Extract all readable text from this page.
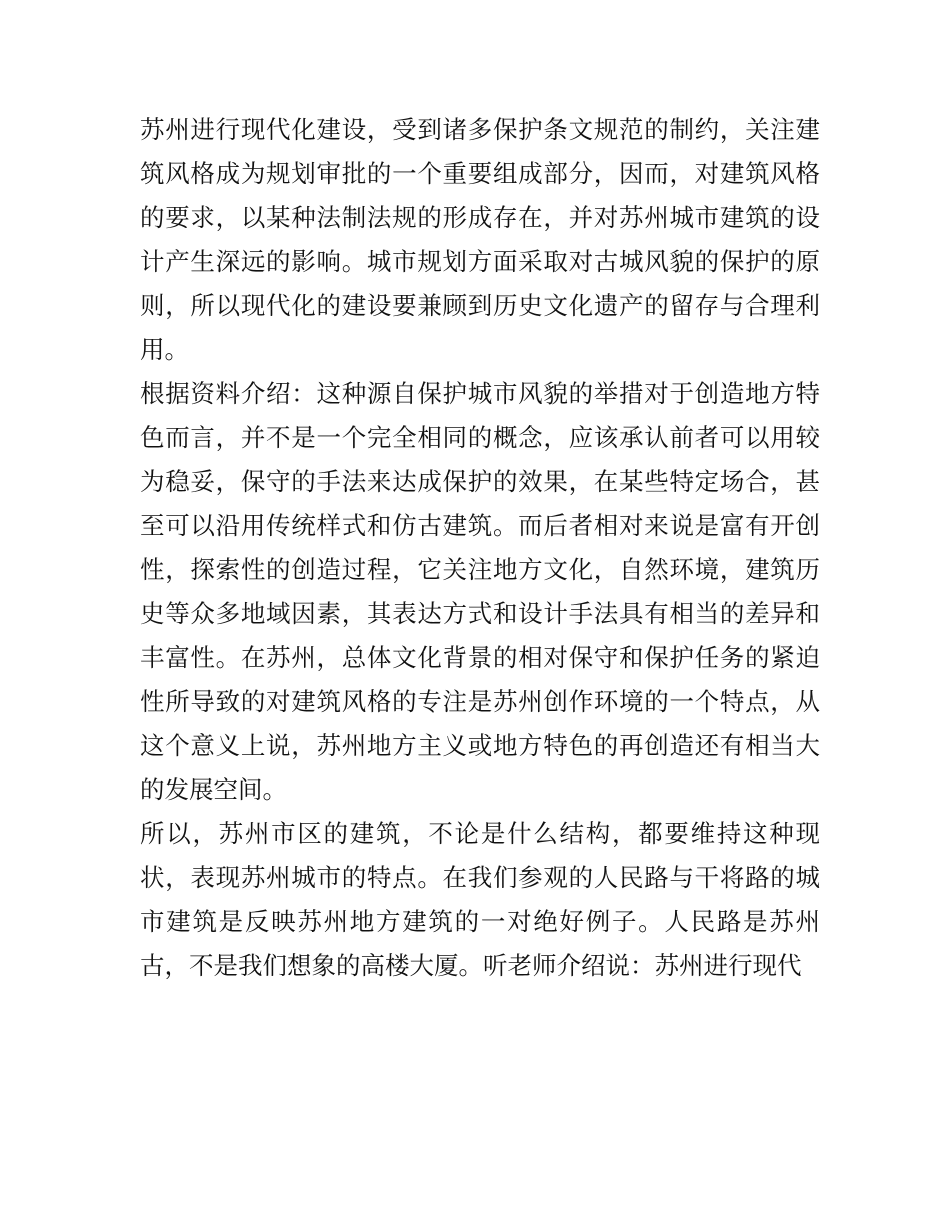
苏州进行现代化建设，受到诸多保护条文规范的制约，关注建筑风格成为规划审批的一个重要组成部分，因而，对建筑风格的要求，以某种法制法规的形成存在，并对苏州城市建筑的设计产生深远的影响。城市规划方面采取对古城风貌的保护的原则，所以现代化的建设要兼顾到历史文化遗产的留存与合理利用。

根据资料介绍：这种源自保护城市风貌的举措对于创造地方特色而言，并不是一个完全相同的概念，应该承认前者可以用较为稳妥，保守的手法来达成保护的效果，在某些特定场合，甚至可以沿用传统样式和仿古建筑。而后者相对来说是富有开创性，探索性的创造过程，它关注地方文化，自然环境，建筑历史等众多地域因素，其表达方式和设计手法具有相当的差异和丰富性。在苏州，总体文化背景的相对保守和保护任务的紧迫性所导致的对建筑风格的专注是苏州创作环境的一个特点，从这个意义上说，苏州地方主义或地方特色的再创造还有相当大的发展空间。

所以，苏州市区的建筑，不论是什么结构，都要维持这种现状，表现苏州城市的特点。在我们参观的人民路与干将路的城市建筑是反映苏州地方建筑的一对绝好例子。人民路是苏州古，不是我们想象的高楼大厦。听老师介绍说：苏州进行现代
